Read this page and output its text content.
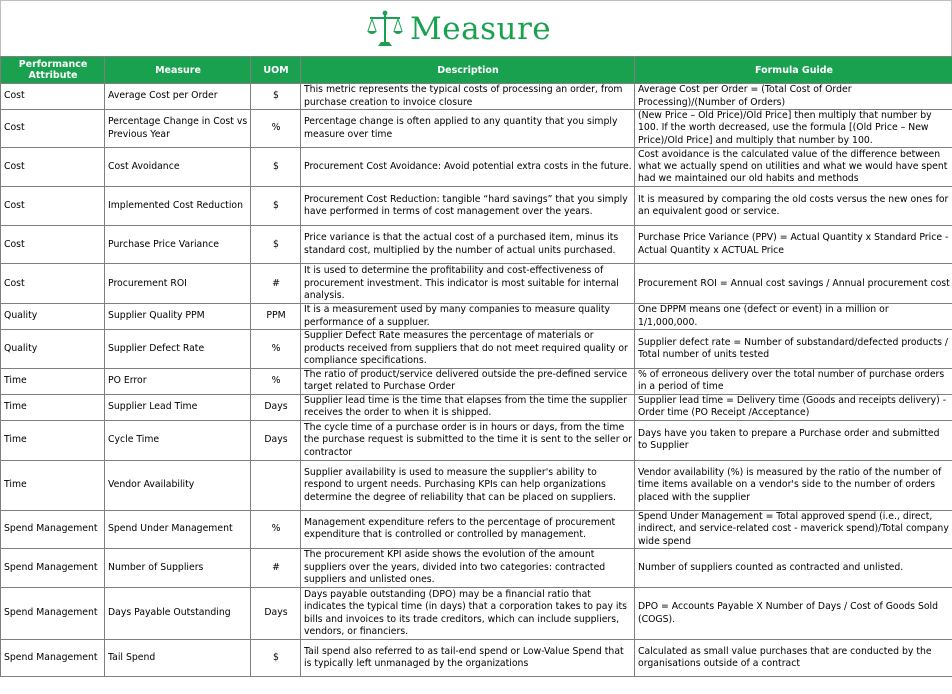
Measure
Performance Attribute	Measure	UOM	Description	Formula Guide
Cost	Average Cost per Order	$	This metric represents the typical costs of processing an order, from purchase creation to invoice closure	Average Cost per Order = (Total Cost of Order Processing)/(Number of Orders)
Cost	Percentage Change in Cost vs Previous Year	%	Percentage change is often applied to any quantity that you simply measure over time	(New Price – Old Price)/Old Price] then multiply that number by 100. If the worth decreased, use the formula [(Old Price – New Price)/Old Price] and multiply that number by 100.
Cost	Cost Avoidance	$	Procurement Cost Avoidance: Avoid potential extra costs in the future.	Cost avoidance is the calculated value of the difference between what we actually spend on utilities and what we would have spent had we maintained our old habits and methods
Cost	Implemented Cost Reduction	$	Procurement Cost Reduction: tangible “hard savings” that you simply have performed in terms of cost management over the years.	It is measured by comparing the old costs versus the new ones for an equivalent good or service.
Cost	Purchase Price Variance	$	Price variance is that the actual cost of a purchased item, minus its standard cost, multiplied by the number of actual units purchased.	Purchase Price Variance (PPV) = Actual Quantity x Standard Price - Actual Quantity x ACTUAL Price
Cost	Procurement ROI	#	It is used to determine the profitability and cost-effectiveness of procurement investment. This indicator is most suitable for internal analysis.	Procurement ROI = Annual cost savings / Annual procurement cost
Quality	Supplier Quality PPM	PPM	It is a measurement used by many companies to measure quality performance of a suppluer.	One DPPM means one (defect or event) in a million or 1/1,000,000.
Quality	Supplier Defect Rate	%	Supplier Defect Rate measures the percentage of materials or products received from suppliers that do not meet required quality or compliance specifications.	Supplier defect rate = Number of substandard/defected products / Total number of units tested
Time	PO Error	%	The ratio of product/service delivered outside the pre-defined service target related to Purchase Order	% of erroneous delivery over the total number of purchase orders in a period of time
Time	Supplier Lead Time	Days	Supplier lead time is the time that elapses from the time the supplier receives the order to when it is shipped.	Supplier lead time = Delivery time (Goods and receipts delivery) - Order time (PO Receipt /Acceptance)
Time	Cycle Time	Days	The cycle time of a purchase order is in hours or days, from the time the purchase request is submitted to the time it is sent to the seller or contractor	Days have you taken to prepare a Purchase order and submitted to Supplier
Time	Vendor Availability		Supplier availability is used to measure the supplier's ability to respond to urgent needs. Purchasing KPIs can help organizations determine the degree of reliability that can be placed on suppliers.	Vendor availability (%) is measured by the ratio of the number of time items available on a vendor's side to the number of orders placed with the supplier
Spend Management	Spend Under Management	%	Management expenditure refers to the percentage of procurement expenditure that is controlled or controlled by management.	Spend Under Management = Total approved spend (i.e., direct, indirect, and service-related cost - maverick spend)/Total company wide spend
Spend Management	Number of Suppliers	#	The procurement KPI aside shows the evolution of the amount suppliers over the years, divided into two categories: contracted suppliers and unlisted ones.	Number of suppliers counted as contracted and unlisted.
Spend Management	Days Payable Outstanding	Days	Days payable outstanding (DPO) may be a financial ratio that indicates the typical time (in days) that a corporation takes to pay its bills and invoices to its trade creditors, which can include suppliers, vendors, or financiers.	DPO = Accounts Payable X Number of Days / Cost of Goods Sold (COGS).
Spend Management	Tail Spend	$	Tail spend also referred to as tail-end spend or Low-Value Spend that is typically left unmanaged by the organizations	Calculated as small value purchases that are conducted by the organisations outside of a contract
